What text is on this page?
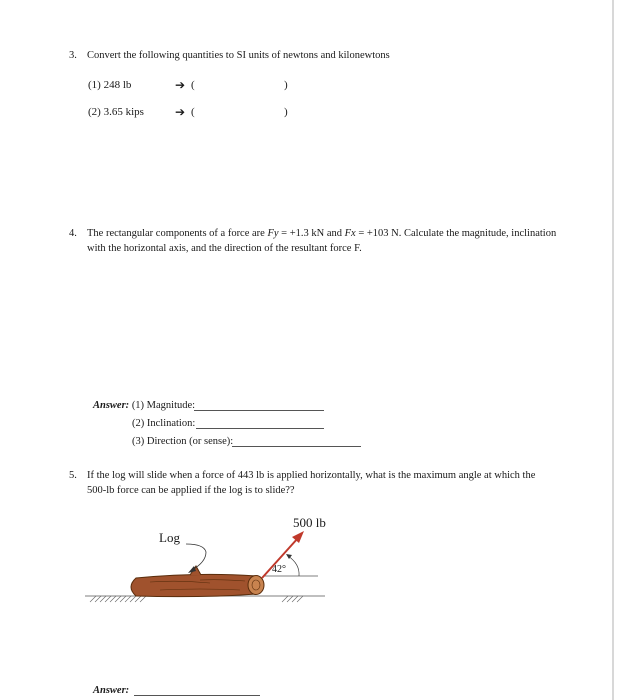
3. Convert the following quantities to SI units of newtons and kilonewtons
(1) 248 lb	➔ (	)
(2) 3.65 kips	➔ (	)
4. The rectangular components of a force are Fy = +1.3 kN and Fx = +103 N. Calculate the magnitude, inclination
with the horizontal axis, and the direction of the resultant force F.
Answer: (1) Magnitude:
(2) Inclination:
(3) Direction (or sense):
5. If the log will slide when a force of 443 lb is applied horizontally, what is the maximum angle at which the
500-lb force can be applied if the log is to slide??
500 lb
Log
42°
Answer:
